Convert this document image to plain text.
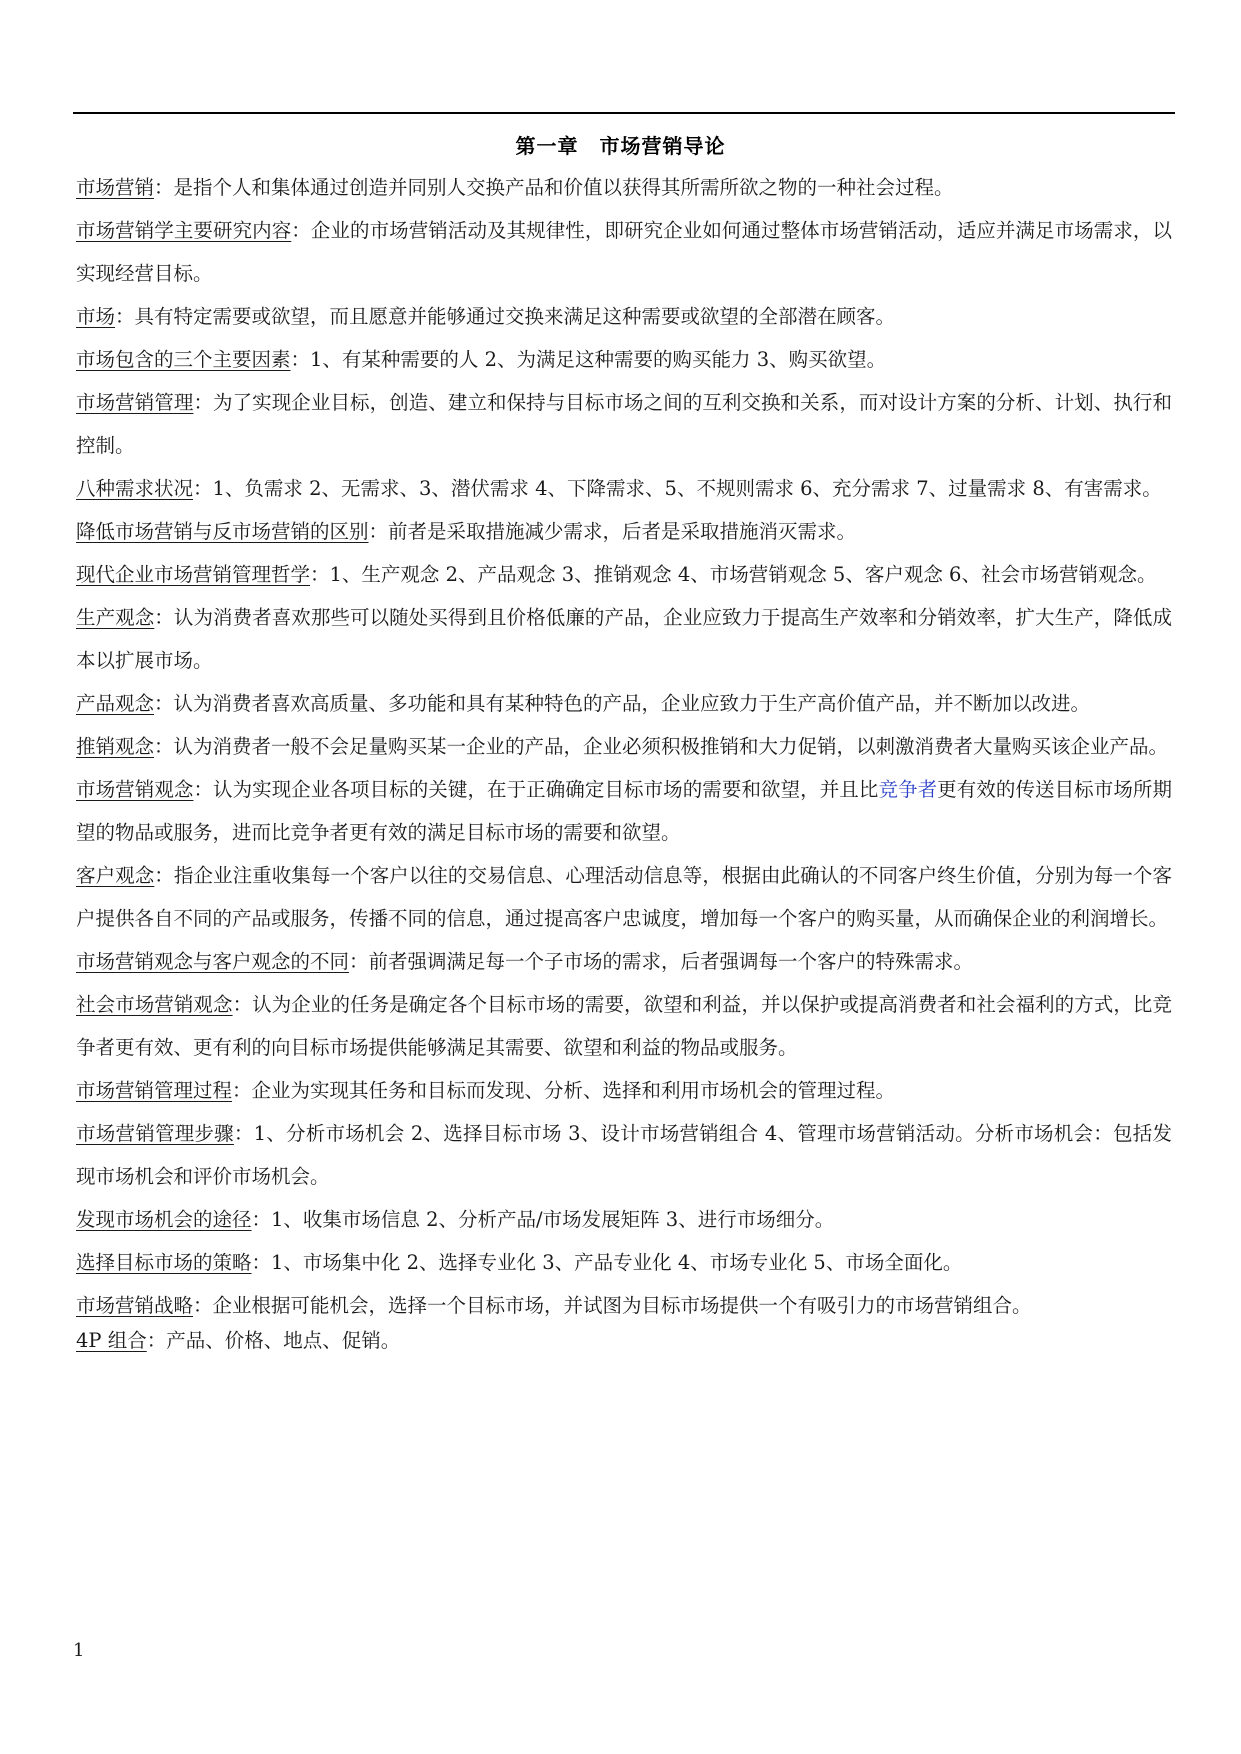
第一章　市场营销导论

市场营销：是指个人和集体通过创造并同别人交换产品和价值以获得其所需所欲之物的一种社会过程。

市场营销学主要研究内容：企业的市场营销活动及其规律性，即研究企业如何通过整体市场营销活动，适应并满足市场需求，以实现经营目标。

市场：具有特定需要或欲望，而且愿意并能够通过交换来满足这种需要或欲望的全部潜在顾客。

市场包含的三个主要因素：1、有某种需要的人 2、为满足这种需要的购买能力 3、购买欲望。

市场营销管理：为了实现企业目标，创造、建立和保持与目标市场之间的互利交换和关系，而对设计方案的分析、计划、执行和控制。

八种需求状况：1、负需求 2、无需求、3、潜伏需求 4、下降需求、5、不规则需求 6、充分需求 7、过量需求 8、有害需求。

降低市场营销与反市场营销的区别：前者是采取措施减少需求，后者是采取措施消灭需求。

现代企业市场营销管理哲学：1、生产观念 2、产品观念 3、推销观念 4、市场营销观念 5、客户观念 6、社会市场营销观念。

生产观念：认为消费者喜欢那些可以随处买得到且价格低廉的产品，企业应致力于提高生产效率和分销效率，扩大生产，降低成本以扩展市场。

产品观念：认为消费者喜欢高质量、多功能和具有某种特色的产品，企业应致力于生产高价值产品，并不断加以改进。

推销观念：认为消费者一般不会足量购买某一企业的产品，企业必须积极推销和大力促销，以刺激消费者大量购买该企业产品。

市场营销观念：认为实现企业各项目标的关键，在于正确确定目标市场的需要和欲望，并且比竞争者更有效的传送目标市场所期望的物品或服务，进而比竞争者更有效的满足目标市场的需要和欲望。

客户观念：指企业注重收集每一个客户以往的交易信息、心理活动信息等，根据由此确认的不同客户终生价值，分别为每一个客户提供各自不同的产品或服务，传播不同的信息，通过提高客户忠诚度，增加每一个客户的购买量，从而确保企业的利润增长。

市场营销观念与客户观念的不同：前者强调满足每一个子市场的需求，后者强调每一个客户的特殊需求。

社会市场营销观念：认为企业的任务是确定各个目标市场的需要，欲望和利益，并以保护或提高消费者和社会福利的方式，比竞争者更有效、更有利的向目标市场提供能够满足其需要、欲望和利益的物品或服务。

市场营销管理过程：企业为实现其任务和目标而发现、分析、选择和利用市场机会的管理过程。

市场营销管理步骤：1、分析市场机会 2、选择目标市场 3、设计市场营销组合 4、管理市场营销活动。分析市场机会：包括发现市场机会和评价市场机会。

发现市场机会的途径：1、收集市场信息 2、分析产品/市场发展矩阵 3、进行市场细分。

选择目标市场的策略：1、市场集中化 2、选择专业化 3、产品专业化 4、市场专业化 5、市场全面化。

市场营销战略：企业根据可能机会，选择一个目标市场，并试图为目标市场提供一个有吸引力的市场营销组合。

4P 组合：产品、价格、地点、促销。

1
